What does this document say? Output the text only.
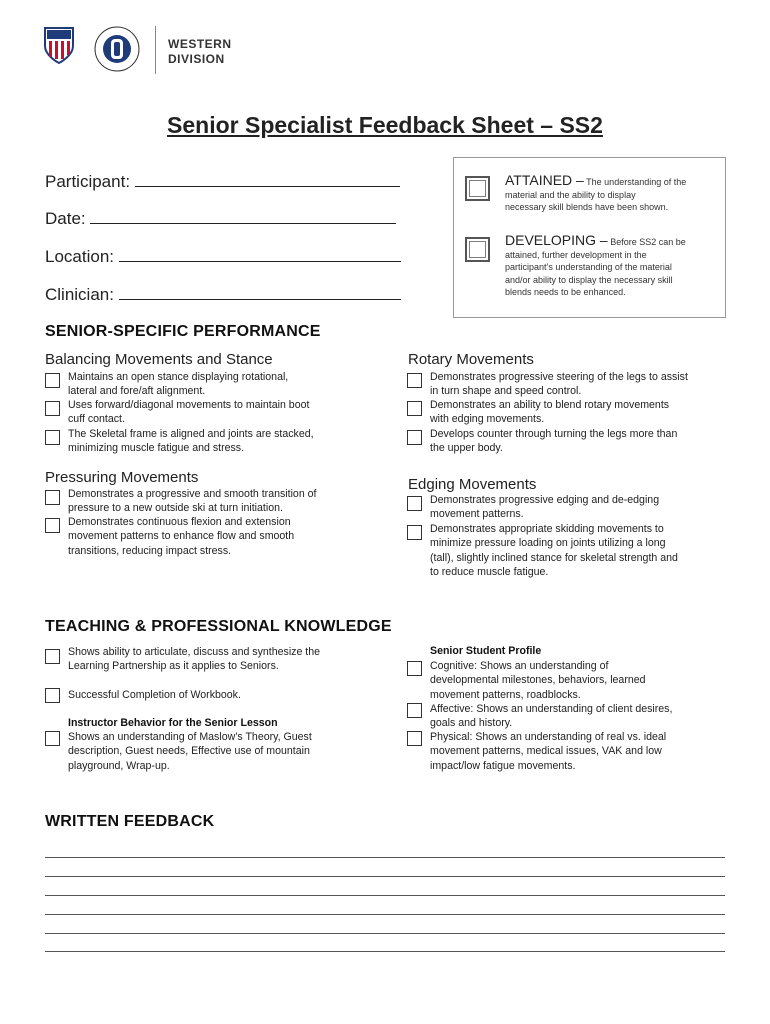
WESTERN
DIVISION
Senior Specialist Feedback Sheet – SS2
Participant:
Date:
Location:
Clinician:
ATTAINED – The understanding of the
material and the ability to display
necessary skill blends have been shown.
DEVELOPING – Before SS2 can be
attained, further development in the
participant’s understanding of the material
and/or ability to display the necessary skill
blends needs to be enhanced.
SENIOR-SPECIFIC PERFORMANCE
Balancing Movements and Stance
Maintains an open stance displaying rotational,
lateral and fore/aft alignment.
Uses forward/diagonal movements to maintain boot
cuff contact.
The Skeletal frame is aligned and joints are stacked,
minimizing muscle fatigue and stress.
Pressuring Movements
Demonstrates a progressive and smooth transition of
pressure to a new outside ski at turn initiation.
Demonstrates continuous flexion and extension
movement patterns to enhance flow and smooth
transitions, reducing impact stress.
Rotary Movements
Demonstrates progressive steering of the legs to assist
in turn shape and speed control.
Demonstrates an ability to blend rotary movements
with edging movements.
Develops counter through turning the legs more than
the upper body.
Edging Movements
Demonstrates progressive edging and de-edging
movement patterns.
Demonstrates appropriate skidding movements to
minimize pressure loading on joints utilizing a long
(tall), slightly inclined stance for skeletal strength and
to reduce muscle fatigue.
TEACHING & PROFESSIONAL KNOWLEDGE
Shows ability to articulate, discuss and synthesize the
Learning Partnership as it applies to Seniors.
Successful Completion of Workbook.
Instructor Behavior for the Senior Lesson
Shows an understanding of Maslow’s Theory, Guest
description, Guest needs, Effective use of mountain
playground, Wrap-up.
Senior Student Profile
Cognitive: Shows an understanding of
developmental milestones, behaviors, learned
movement patterns, roadblocks.
Affective: Shows an understanding of client desires,
goals and history.
Physical: Shows an understanding of real vs. ideal
movement patterns, medical issues, VAK and low
impact/low fatigue movements.
WRITTEN FEEDBACK
